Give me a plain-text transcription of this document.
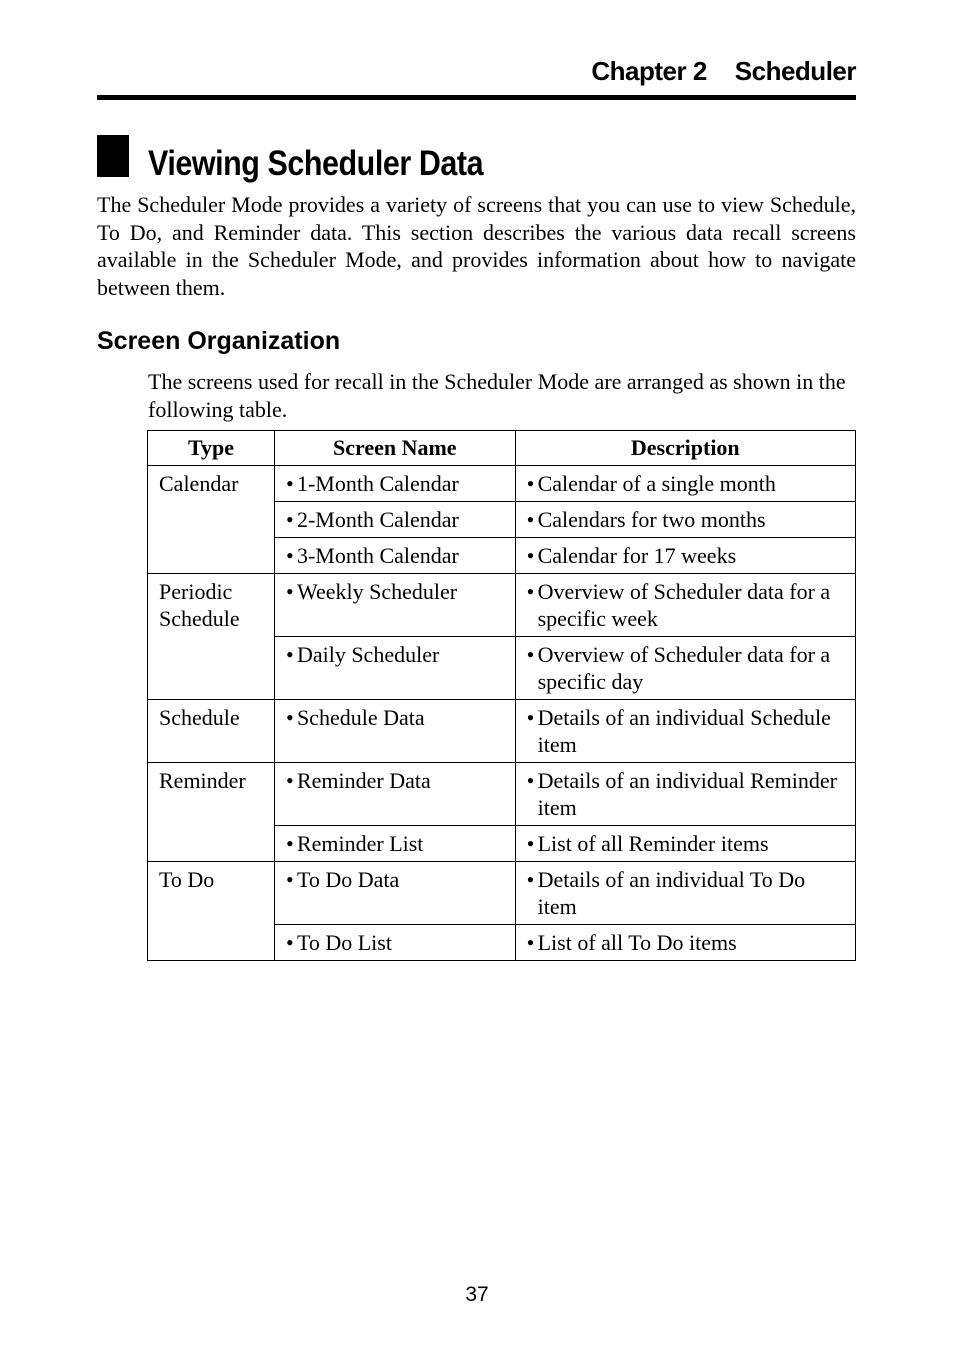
Chapter 2 Scheduler
Viewing Scheduler Data

The Scheduler Mode provides a variety of screens that you can use to view Schedule, To Do, and Reminder data. This section describes the various data recall screens available in the Scheduler Mode, and provides information about how to navigate between them.

Screen Organization

The screens used for recall in the Scheduler Mode are arranged as shown in the following table.

Type	Screen Name	Description
Calendar	• 1-Month Calendar	• Calendar of a single month

	• 2-Month Calendar	• Calendars for two months

	• 3-Month Calendar	• Calendar for 17 weeks

Periodic Schedule	• Weekly Scheduler	• Overview of Scheduler data for a specific week

	• Daily Scheduler	• Overview of Scheduler data for a specific day

Schedule	• Schedule Data	• Details of an individual Schedule item

Reminder	• Reminder Data	• Details of an individual Reminder item

	• Reminder List	• List of all Reminder items

To Do	• To Do Data	• Details of an individual To Do item

	• To Do List	• List of all To Do items

37
